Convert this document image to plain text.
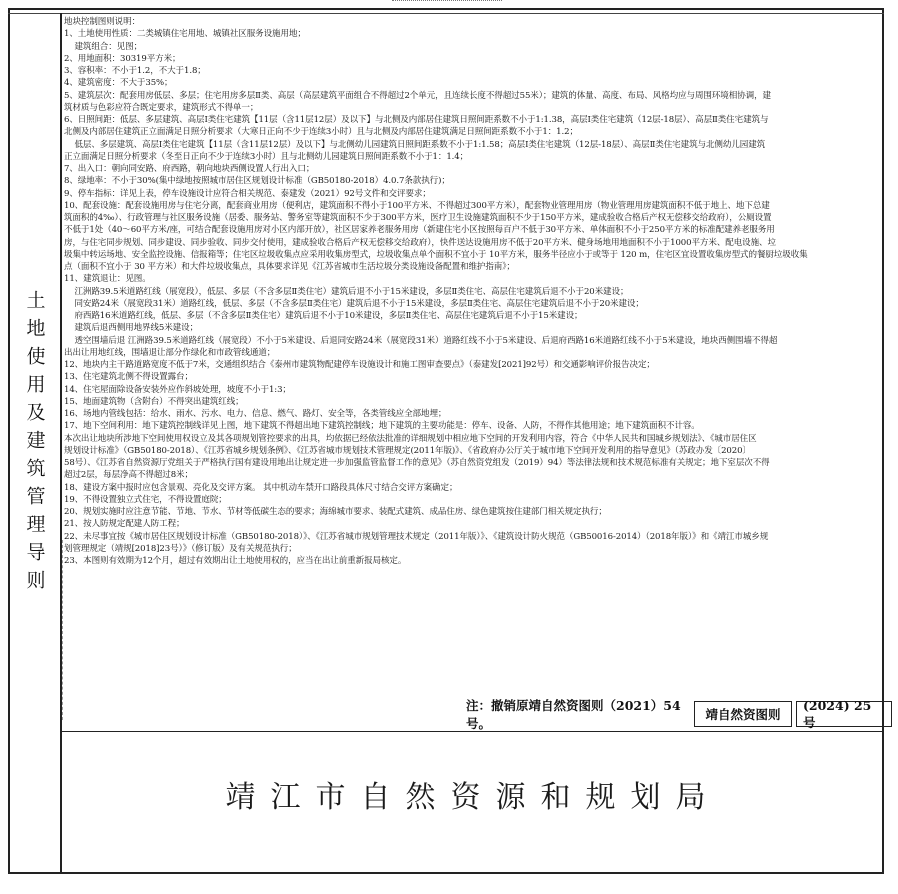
土地使用及建筑管理导则
地块控制图则说明：
1、土地使用性质：二类城镇住宅用地、城镇社区服务设施用地；
建筑组合：见图；
2、用地面积：30319平方米；
3、容积率：不小于1.2，不大于1.8；
4、建筑密度：不大于35%；
5、建筑层次：配套用房低层、多层；住宅用房多层Ⅱ类、高层（高层建筑平面组合不得超过2个单元，且连续长度不得超过55米）；建筑的体量、高度、布局、风格均应与周围环境相协调，建
筑材质与色彩应符合既定要求，建筑形式不得单一；
6、日照间距：低层、多层建筑、高层Ⅰ类住宅建筑【11层（含11层12层）及以下】与北侧及内部居住建筑日照间距系数不小于1:1.38，高层Ⅰ类住宅建筑（12层-18层）、高层Ⅱ类住宅建筑与
北侧及内部居住建筑正立面满足日照分析要求（大寒日正向不少于连续3小时）且与北侧及内部居住建筑满足日照间距系数不小于1：1.2；
低层、多层建筑、高层Ⅰ类住宅建筑【11层（含11层12层）及以下】与北侧幼儿园建筑日照间距系数不小于1:1.58；高层Ⅰ类住宅建筑（12层-18层）、高层Ⅱ类住宅建筑与北侧幼儿园建筑
正立面满足日照分析要求（冬至日正向不少于连续3小时）且与北侧幼儿园建筑日照间距系数不小于1：1.4；
7、出入口：朝向同安路、府西路，朝向地块西侧设置人行出入口；
8、绿地率：不小于30%(集中绿地按照城市居住区规划设计标准（GB50180-2018）4.0.7条款执行)；
9、停车指标：详见上表，停车设施设计应符合相关规范、泰建发（2021）92号文件和交评要求；
10、配套设施：配套设施用房与住宅分离，配套商业用房（便利店，建筑面积不得小于100平方米、不得超过300平方米），配套物业管理用房（物业管理用房建筑面积不低于地上、地下总建
筑面积的4‰）、行政管理与社区服务设施（居委、服务站、警务室等建筑面积不少于300平方米，医疗卫生设施建筑面积不少于150平方米，建成验收合格后产权无偿移交给政府），公厕设置
不低于1处（40～60平方米/座，可结合配套设施用房对小区内部开放），社区居家养老服务用房（新建住宅小区按照每百户不低于30平方米、单体面积不小于250平方米的标准配建养老服务用
房，与住宅同步规划、同步建设、同步验收、同步交付使用，建成验收合格后产权无偿移交给政府），快件送达设施用房不低于20平方米、健身场地用地面积不小于1000平方米、配电设施、垃
圾集中转运场地、安全监控设施、信报箱等；住宅区垃圾收集点应采用收集房型式，垃圾收集点单个面积不宜小于 10平方米，服务半径应小于或等于 120 m，住宅区宜设置收集房型式的餐厨垃圾收集
点（面积不宜小于 30 平方米）和大件垃圾收集点，具体要求详见《江苏省城市生活垃圾分类设施设备配置和维护指南》；
11、建筑退让：见图。
江洲路39.5米道路红线（展宽段），低层、多层（不含多层Ⅱ类住宅）建筑后退不小于15米建设，多层Ⅱ类住宅、高层住宅建筑后退不小于20米建设；
同安路24米（展宽段31米）道路红线，低层、多层（不含多层Ⅱ类住宅）建筑后退不小于15米建设，多层Ⅱ类住宅、高层住宅建筑后退不小于20米建设；
府西路16米道路红线，低层、多层（不含多层Ⅱ类住宅）建筑后退不小于10米建设，多层Ⅱ类住宅、高层住宅建筑后退不小于15米建设；
建筑后退西侧用地界线5米建设；
透空围墙后退 江洲路39.5米道路红线（展宽段）不小于5米建设、后退同安路24米（展宽段31米）道路红线不小于5米建设、后退府西路16米道路红线不小于5米建设，地块西侧围墙不得超
出出让用地红线，围墙退让部分作绿化和市政管线通道；
12、地块内主干路道路宽度不低于7米，交通组织结合《泰州市建筑物配建停车设施设计和施工图审查要点》（泰建发[2021]92号）和交通影响评价报告决定；
13、住宅建筑北侧不得设置露台；
14、住宅屋面除设备安装外应作斜坡处理，坡度不小于1:3；
15、地面建筑物（含附台）不得突出建筑红线；
16、场地内管线包括：给水、雨水、污水、电力、信息、燃气、路灯、安全等，各类管线应全部地埋；
17、地下空间利用：地下建筑控制线详见上图，地下建筑不得超出地下建筑控制线；地下建筑的主要功能是：停车、设备、人防，不得作其他用途；地下建筑面积不计容。
本次出让地块所涉地下空间使用权设立及其各项规划管控要求的出具，均依据已经依法批准的详细规划中相应地下空间的开发利用内容，符合《中华人民共和国城乡规划法》、《城市居住区
规划设计标准》（GB50180-2018）、《江苏省城乡规划条例》、《江苏省城市规划技术管理规定(2011年版)》、《省政府办公厅关于城市地下空间开发利用的指导意见》（苏政办发〔2020〕
58号）、《江苏省自然资源厅党组关于严格执行国有建设用地出让规定进一步加强监管监督工作的意见》（苏自然资党组发（2019）94）等法律法规和技术规范标准有关规定；地下室层次不得
超过2层，每层净高不得超过8米；
18、建设方案中报时应包含景观、亮化及交评方案。 其中机动车禁开口路段具体尺寸结合交评方案确定；
19、不得设置独立式住宅，不得设置庭院；
20、规划实施时应注意节能、节地、节水、节材等低碳生态的要求；海绵城市要求、装配式建筑、成品住房、绿色建筑按住建部门相关规定执行；
21、按人防规定配建人防工程；
22、未尽事宜按《城市居住区规划设计标准（GB50180-2018）》、《江苏省城市规划管理技术规定（2011年版）》、《建筑设计防火规范（GB50016-2014）（2018年版）》和《靖江市城乡规
划管理规定（靖规[2018]23号）》（修订版）及有关规范执行；
23、本图则有效期为12个月，超过有效期出让土地使用权的，应当在出让前重新报局核定。
注：撤销原靖自然资图则（2021）54号。
靖自然资图则
(2024) 25 号
靖江市自然资源和规划局
